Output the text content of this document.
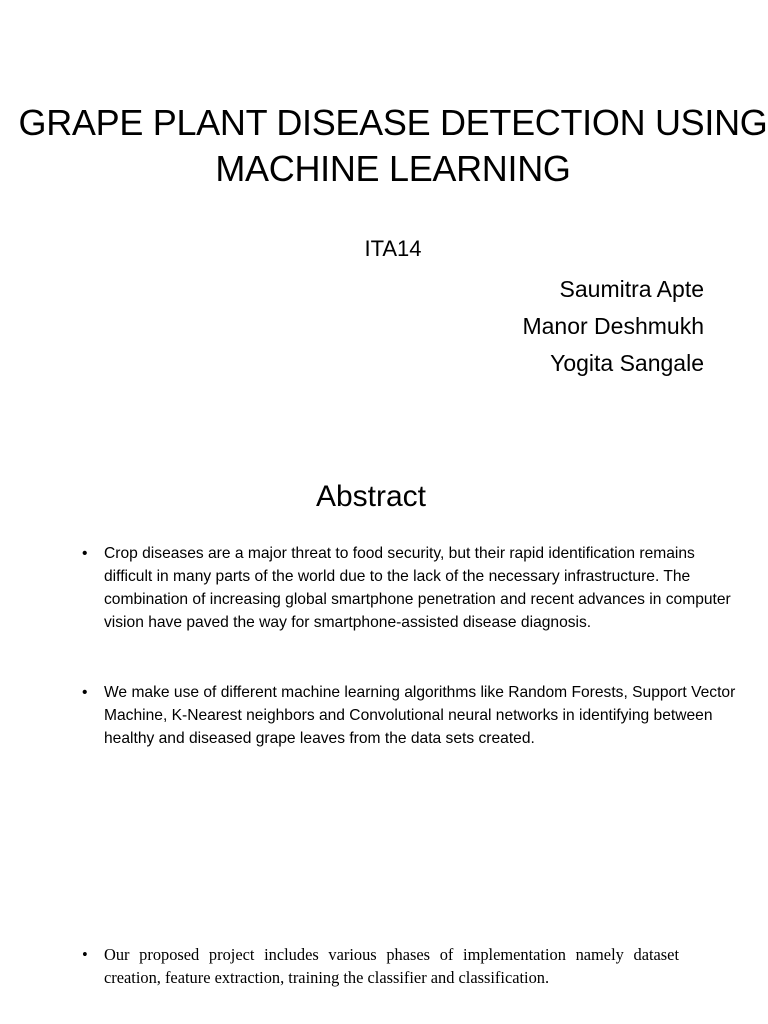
GRAPE PLANT DISEASE DETECTION USING
MACHINE LEARNING
ITA14
Saumitra Apte
Manor Deshmukh
Yogita Sangale
Abstract
• Crop diseases are a major threat to food security, but their rapid identification remains difficult in many parts of the world due to the lack of the necessary infrastructure. The combination of increasing global smartphone penetration and recent advances in computer vision have paved the way for smartphone-assisted disease diagnosis.
• We make use of different machine learning algorithms like Random Forests, Support Vector Machine, K-Nearest neighbors and Convolutional neural networks in identifying between healthy and diseased grape leaves from the data sets created.
• Our proposed project includes various phases of implementation namely dataset creation, feature extraction, training the classifier and classification.
